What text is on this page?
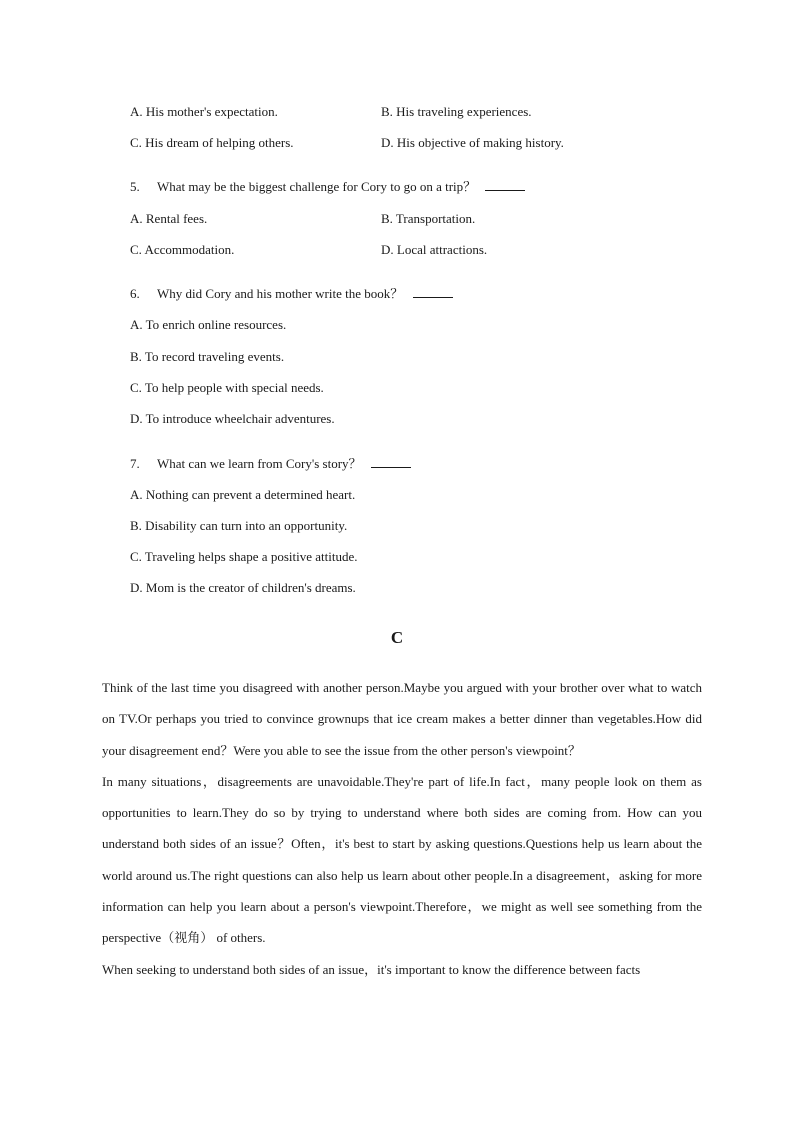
A. His mother's expectation.	B. His traveling experiences.
C. His dream of helping others.	D. His objective of making history.
5. What may be the biggest challenge for Cory to go on a trip？
A. Rental fees.	B. Transportation.
C. Accommodation.	D. Local attractions.
6. Why did Cory and his mother write the book？
A. To enrich online resources.
B. To record traveling events.
C. To help people with special needs.
D. To introduce wheelchair adventures.
7. What can we learn from Cory's story？
A. Nothing can prevent a determined heart.
B. Disability can turn into an opportunity.
C. Traveling helps shape a positive attitude.
D. Mom is the creator of children's dreams.
C

Think of the last time you disagreed with another person.Maybe you argued with your brother over what to watch on TV.Or perhaps you tried to convince grownups that ice cream makes a better dinner than vegetables.How did your disagreement end？Were you able to see the issue from the other person's viewpoint？

In many situations，disagreements are unavoidable.They're part of life.In fact，many people look on them as opportunities to learn.They do so by trying to understand where both sides are coming from. How can you understand both sides of an issue？Often，it's best to start by asking questions.Questions help us learn about the world around us.The right questions can also help us learn about other people.In a disagreement，asking for more information can help you learn about a person's viewpoint.Therefore，we might as well see something from the perspective（视角） of others.

When seeking to understand both sides of an issue，it's important to know the difference between facts
